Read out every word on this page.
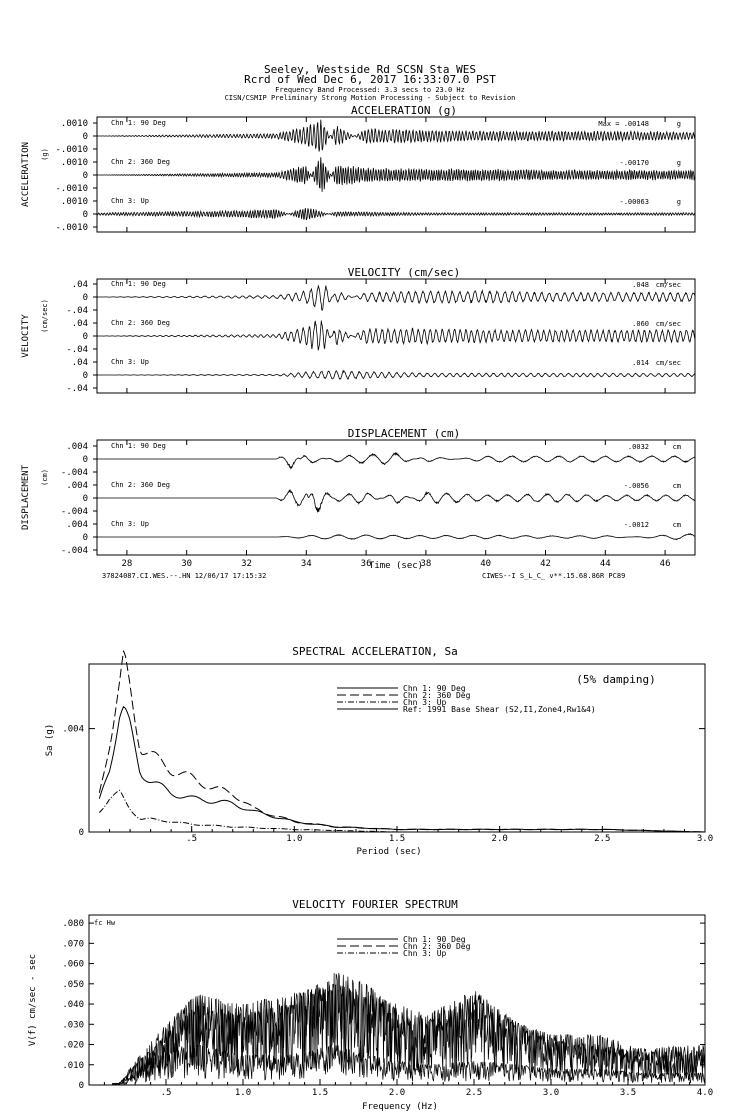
Seeley, Westside Rd SCSN Sta WES
Rcrd of Wed Dec 6, 2017 16:33:07.0 PST
Frequency Band Processed: 3.3 secs to 23.0 Hz
CISN/CSMIP Preliminary Strong Motion Processing - Subject to Revision
ACCELERATION (g)
ACCELERATION (g)
.0010
0
-.0010
Chn 1: 90 Deg	Max = .00148	g
.0010
0
-.0010
Chn 2: 360 Deg	-.00170	g
.0010
0
-.0010
Chn 3: Up	-.00063	g
VELOCITY (cm/sec)
VELOCITY (cm/sec)
.04
0
-.04
Chn 1: 90 Deg	.048 cm/sec
.04
0
-.04
Chn 2: 360 Deg	.060 cm/sec
.04
0
-.04
Chn 3: Up	.014 cm/sec
DISPLACEMENT (cm)
DISPLACEMENT (cm)
.004
0
-.004
Chn 1: 90 Deg	.0032	cm
.004
0
-.004
Chn 2: 360 Deg	-.0056	cm
.004
0
-.004
Chn 3: Up	-.0012	cm
28	30	32	34	36	38	40	42	44	46
Time (sec)
37824087.CI.WES.--.HN 12/06/17 17:15:32	CIWES--I S_L_C_ v**.15.68.86R PC89
SPECTRAL ACCELERATION, Sa
(5% damping)
Sa (g)
Period (sec)
.5	1.0	1.5	2.0	2.5	3.0
.004
0
Chn 1: 90 Deg
Chn 2: 360 Deg
Chn 3: Up
Ref: 1991 Base Shear (S2,I1,Zone4,Rw1&4)
VELOCITY FOURIER SPECTRUM
fc Hw
V(f) cm/sec - sec
Frequency (Hz)
.5	1.0	1.5	2.0	2.5	3.0	3.5	4.0
.080
.070
.060
.050
.040
.030
.020
.010
0
Chn 1: 90 Deg
Chn 2: 360 Deg
Chn 3: Up
